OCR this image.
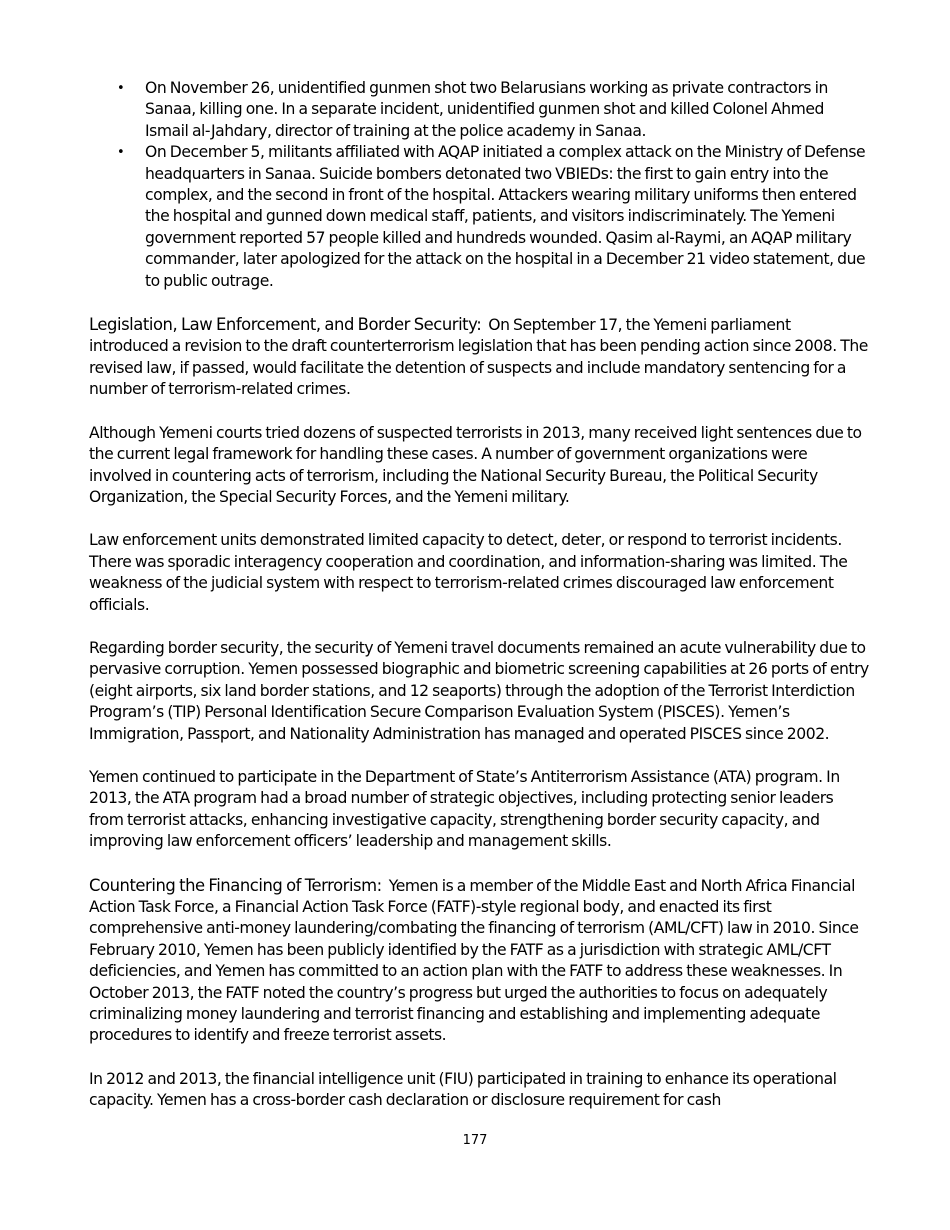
• On November 26, unidentified gunmen shot two Belarusians working as private contractors in Sanaa, killing one. In a separate incident, unidentified gunmen shot and killed Colonel Ahmed Ismail al-Jahdary, director of training at the police academy in Sanaa.
• On December 5, militants affiliated with AQAP initiated a complex attack on the Ministry of Defense headquarters in Sanaa. Suicide bombers detonated two VBIEDs: the first to gain entry into the complex, and the second in front of the hospital. Attackers wearing military uniforms then entered the hospital and gunned down medical staff, patients, and visitors indiscriminately. The Yemeni government reported 57 people killed and hundreds wounded. Qasim al-Raymi, an AQAP military commander, later apologized for the attack on the hospital in a December 21 video statement, due to public outrage.

Legislation, Law Enforcement, and Border Security: On September 17, the Yemeni parliament introduced a revision to the draft counterterrorism legislation that has been pending action since 2008. The revised law, if passed, would facilitate the detention of suspects and include mandatory sentencing for a number of terrorism-related crimes.

Although Yemeni courts tried dozens of suspected terrorists in 2013, many received light sentences due to the current legal framework for handling these cases. A number of government organizations were involved in countering acts of terrorism, including the National Security Bureau, the Political Security Organization, the Special Security Forces, and the Yemeni military.

Law enforcement units demonstrated limited capacity to detect, deter, or respond to terrorist incidents. There was sporadic interagency cooperation and coordination, and information-sharing was limited. The weakness of the judicial system with respect to terrorism-related crimes discouraged law enforcement officials.

Regarding border security, the security of Yemeni travel documents remained an acute vulnerability due to pervasive corruption. Yemen possessed biographic and biometric screening capabilities at 26 ports of entry (eight airports, six land border stations, and 12 seaports) through the adoption of the Terrorist Interdiction Program’s (TIP) Personal Identification Secure Comparison Evaluation System (PISCES). Yemen’s Immigration, Passport, and Nationality Administration has managed and operated PISCES since 2002.

Yemen continued to participate in the Department of State’s Antiterrorism Assistance (ATA) program. In 2013, the ATA program had a broad number of strategic objectives, including protecting senior leaders from terrorist attacks, enhancing investigative capacity, strengthening border security capacity, and improving law enforcement officers’ leadership and management skills.

Countering the Financing of Terrorism: Yemen is a member of the Middle East and North Africa Financial Action Task Force, a Financial Action Task Force (FATF)-style regional body, and enacted its first comprehensive anti-money laundering/combating the financing of terrorism (AML/CFT) law in 2010. Since February 2010, Yemen has been publicly identified by the FATF as a jurisdiction with strategic AML/CFT deficiencies, and Yemen has committed to an action plan with the FATF to address these weaknesses. In October 2013, the FATF noted the country’s progress but urged the authorities to focus on adequately criminalizing money laundering and terrorist financing and establishing and implementing adequate procedures to identify and freeze terrorist assets.

In 2012 and 2013, the financial intelligence unit (FIU) participated in training to enhance its operational capacity. Yemen has a cross-border cash declaration or disclosure requirement for cash

177
